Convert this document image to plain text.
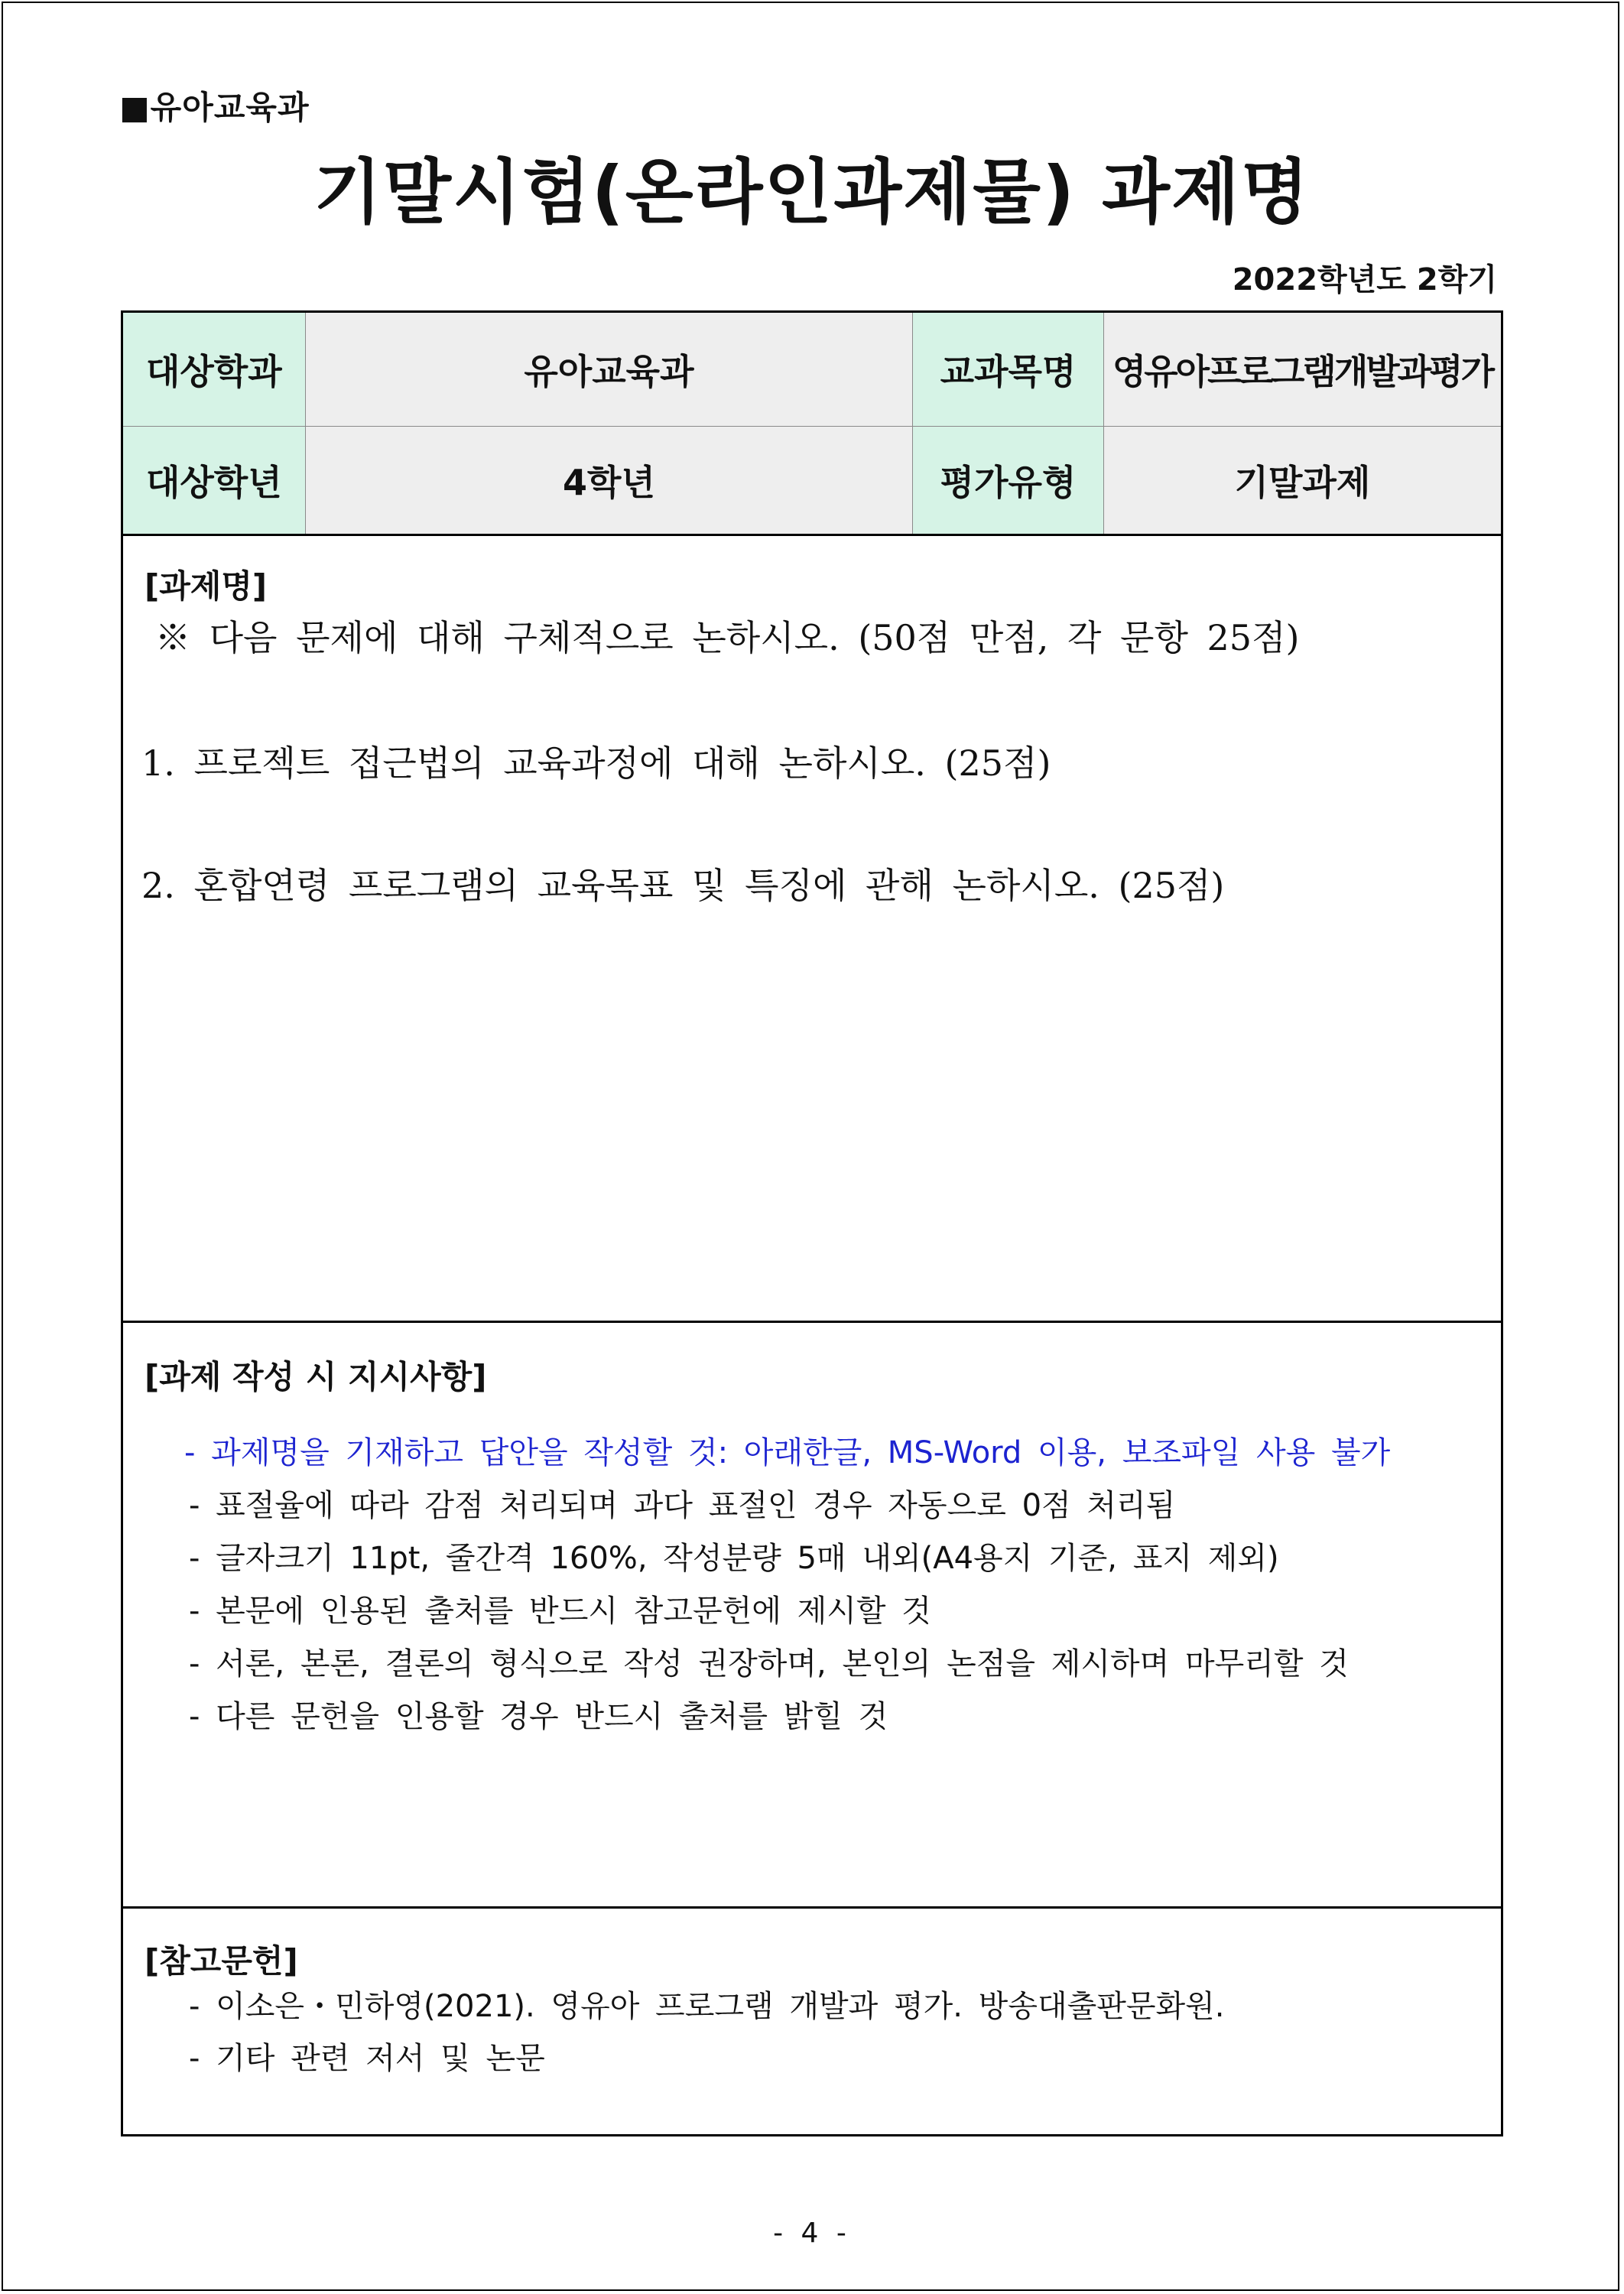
■유아교육과
기말시험(온라인과제물) 과제명
2022학년도 2학기
대상학과	유아교육과	교과목명	영유아프로그램개발과평가
대상학년	4학년	평가유형	기말과제
[과제명]
※ 다음 문제에 대해 구체적으로 논하시오. (50점 만점, 각 문항 25점)
1. 프로젝트 접근법의 교육과정에 대해 논하시오. (25점)
2. 혼합연령 프로그램의 교육목표 및 특징에 관해 논하시오. (25점)
[과제 작성 시 지시사항]
- 과제명을 기재하고 답안을 작성할 것: 아래한글, MS-Word 이용, 보조파일 사용 불가
- 표절율에 따라 감점 처리되며 과다 표절인 경우 자동으로 0점 처리됨
- 글자크기 11pt, 줄간격 160%, 작성분량 5매 내외(A4용지 기준, 표지 제외)
- 본문에 인용된 출처를 반드시 참고문헌에 제시할 것
- 서론, 본론, 결론의 형식으로 작성 권장하며, 본인의 논점을 제시하며 마무리할 것
- 다른 문헌을 인용할 경우 반드시 출처를 밝힐 것
[참고문헌]
- 이소은・민하영(2021). 영유아 프로그램 개발과 평가. 방송대출판문화원.
- 기타 관련 저서 및 논문
- 4 -
